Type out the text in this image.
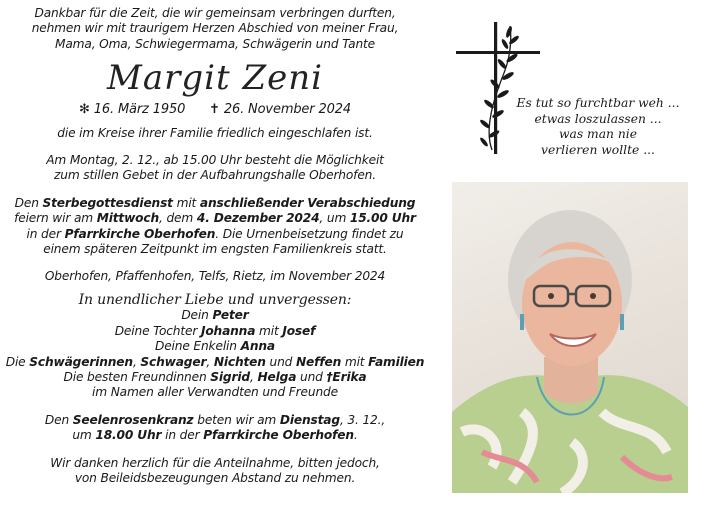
Dankbar für die Zeit, die wir gemeinsam verbringen durften,

nehmen wir mit traurigem Herzen Abschied von meiner Frau,

Mama, Oma, Schwiegermama, Schwägerin und Tante

Margit Zeni

✻ 16. März 1950 ✝ 26. November 2024

die im Kreise ihrer Familie friedlich eingeschlafen ist.

Am Montag, 2. 12., ab 15.00 Uhr besteht die Möglichkeit

zum stillen Gebet in der Aufbahrungshalle Oberhofen.

Den Sterbegottesdienst mit anschließender Verabschiedung

feiern wir am Mittwoch, dem 4. Dezember 2024, um 15.00 Uhr

in der Pfarrkirche Oberhofen. Die Urnenbeisetzung findet zu

einem späteren Zeitpunkt im engsten Familienkreis statt.

Oberhofen, Pfaffenhofen, Telfs, Rietz, im November 2024

In unendlicher Liebe und unvergessen:

Dein Peter

Deine Tochter Johanna mit Josef

Deine Enkelin Anna

Die Schwägerinnen, Schwager, Nichten und Neffen mit Familien

Die besten Freundinnen Sigrid, Helga und †Erika

im Namen aller Verwandten und Freunde

Den Seelenrosenkranz beten wir am Dienstag, 3. 12.,

um 18.00 Uhr in der Pfarrkirche Oberhofen.

Wir danken herzlich für die Anteilnahme, bitten jedoch,

von Beileidsbezeugungen Abstand zu nehmen.

Es tut so furchtbar weh ...

etwas loszulassen ...

was man nie

verlieren wollte ...
